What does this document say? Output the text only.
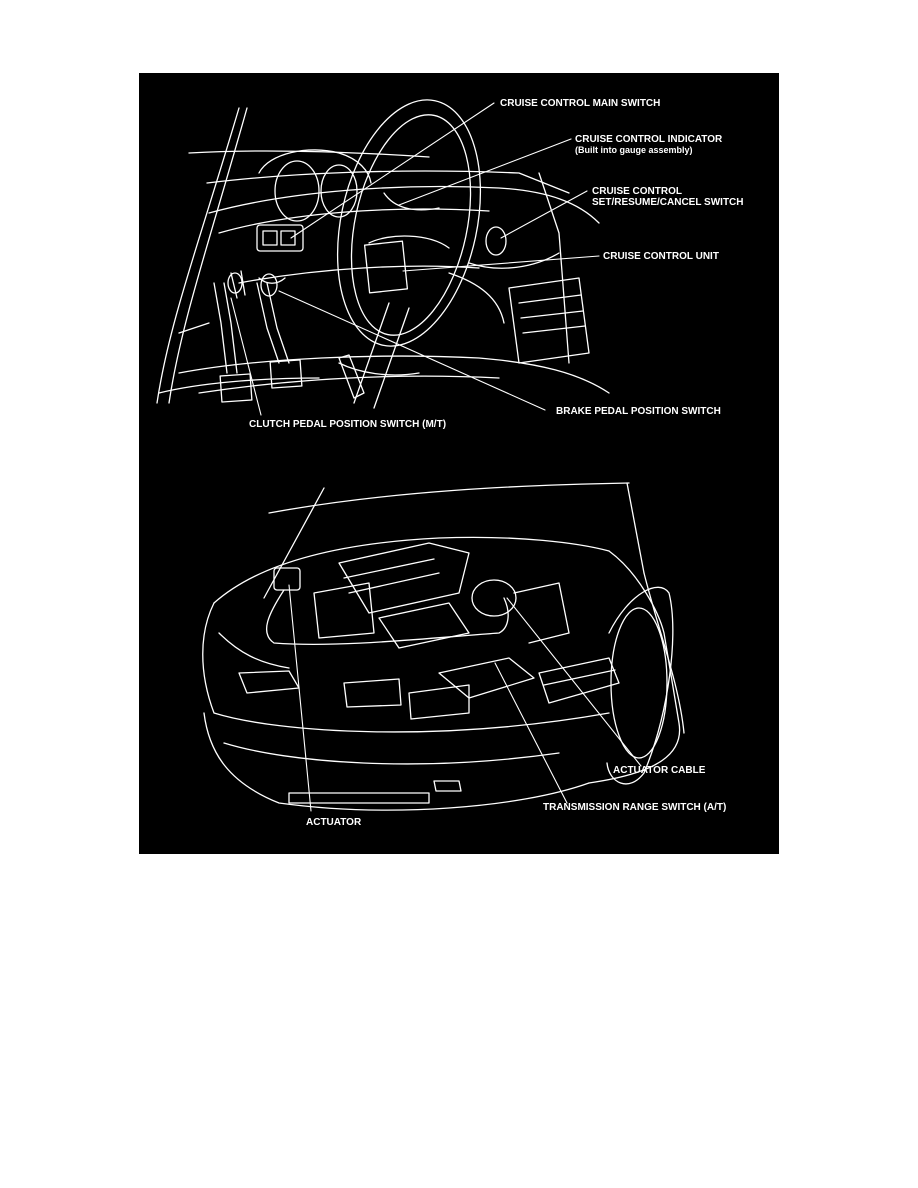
CRUISE CONTROL MAIN SWITCH
CRUISE CONTROL INDICATOR
(Built into gauge assembly)
CRUISE CONTROL
SET/RESUME/CANCEL SWITCH
CRUISE CONTROL UNIT
BRAKE PEDAL POSITION SWITCH
CLUTCH PEDAL POSITION SWITCH (M/T)
ACTUATOR CABLE
TRANSMISSION RANGE SWITCH (A/T)
ACTUATOR
